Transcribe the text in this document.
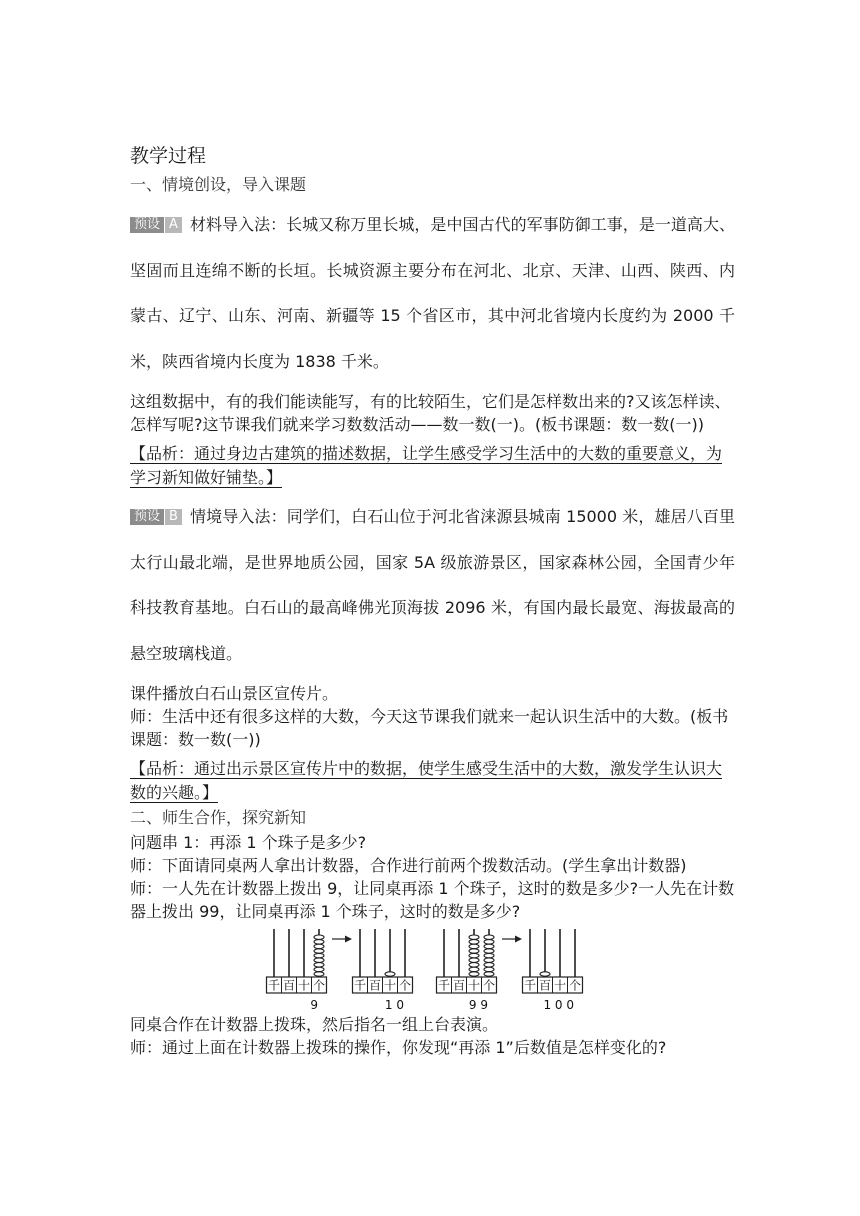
教学过程
一、情境创设，导入课题

预设 A 材料导入法：长城又称万里长城，是中国古代的军事防御工事，是一道高大、坚固而且连绵不断的长垣。长城资源主要分布在河北、北京、天津、山西、陕西、内蒙古、辽宁、山东、河南、新疆等 15 个省区市，其中河北省境内长度约为 2000 千米，陕西省境内长度为 1838 千米。

这组数据中，有的我们能读能写，有的比较陌生，它们是怎样数出来的?又该怎样读、怎样写呢?这节课我们就来学习数数活动——数一数(一)。(板书课题：数一数(一))

【品析：通过身边古建筑的描述数据，让学生感受学习生活中的大数的重要意义，为学习新知做好铺垫。】

预设 B 情境导入法：同学们，白石山位于河北省涞源县城南 15000 米，雄居八百里太行山最北端，是世界地质公园，国家 5A 级旅游景区，国家森林公园，全国青少年科技教育基地。白石山的最高峰佛光顶海拔 2096 米，有国内最长最宽、海拔最高的悬空玻璃栈道。

课件播放白石山景区宣传片。

师：生活中还有很多这样的大数，今天这节课我们就来一起认识生活中的大数。(板书课题：数一数(一))

【品析：通过出示景区宣传片中的数据，使学生感受生活中的大数，激发学生认识大数的兴趣。】

二、师生合作，探究新知

问题串 1：再添 1 个珠子是多少?

师：下面请同桌两人拿出计数器，合作进行前两个拨数活动。(学生拿出计数器)

师：一人先在计数器上拨出 9，让同桌再添 1 个珠子，这时的数是多少?一人先在计数器上拨出 99，让同桌再添 1 个珠子，这时的数是多少?

千 百 十 个
9
千 百 十 个
1 0
千 百 十 个
9 9
千 百 十 个
1 0 0

同桌合作在计数器上拨珠，然后指名一组上台表演。

师：通过上面在计数器上拨珠的操作，你发现“再添 1”后数值是怎样变化的?
